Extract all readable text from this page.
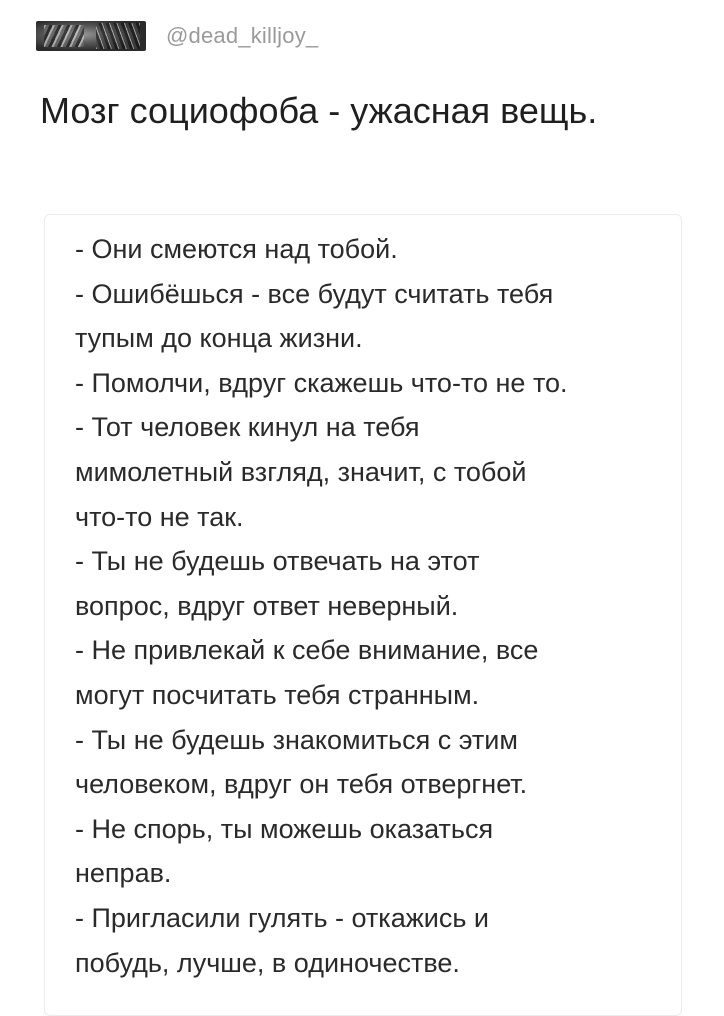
@dead_killjoy_

Мозг социофоба - ужасная вещь.

- Они смеются над тобой.
- Ошибёшься - все будут считать тебя
тупым до конца жизни.
- Помолчи, вдруг скажешь что-то не то.
- Тот человек кинул на тебя
мимолетный взгляд, значит, с тобой
что-то не так.
- Ты не будешь отвечать на этот
вопрос, вдруг ответ неверный.
- Не привлекай к себе внимание, все
могут посчитать тебя странным.
- Ты не будешь знакомиться с этим
человеком, вдруг он тебя отвергнет.
- Не спорь, ты можешь оказаться
неправ.
- Пригласили гулять - откажись и
побудь, лучше, в одиночестве.
